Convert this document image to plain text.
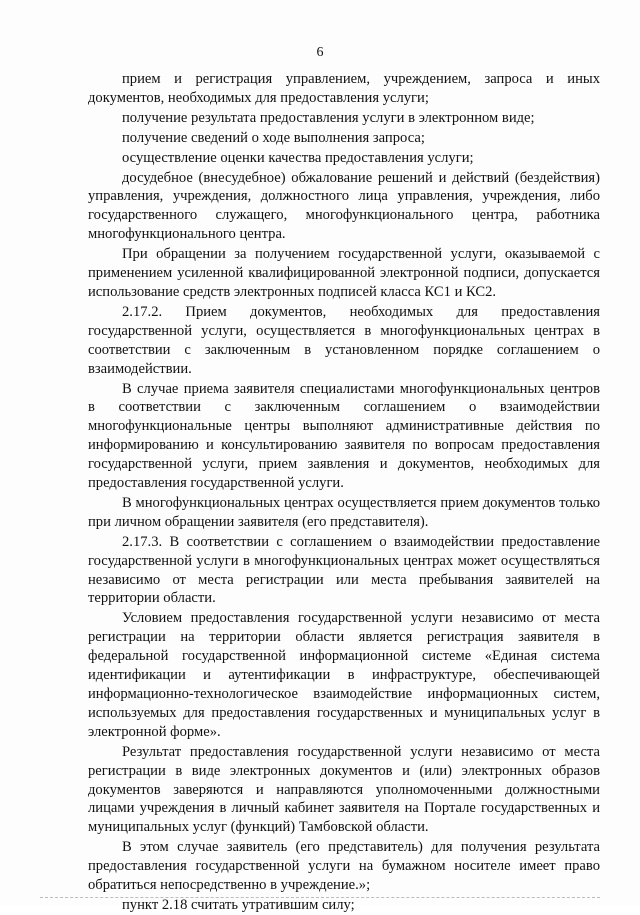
6

прием и регистрация управлением, учреждением, запроса и иных документов, необходимых для предоставления услуги;

получение результата предоставления услуги в электронном виде;

получение сведений о ходе выполнения запроса;

осуществление оценки качества предоставления услуги;

досудебное (внесудебное) обжалование решений и действий (бездействия) управления, учреждения, должностного лица управления, учреждения, либо государственного служащего, многофункционального центра, работника многофункционального центра.

При обращении за получением государственной услуги, оказываемой с применением усиленной квалифицированной электронной подписи, допускается использование средств электронных подписей класса КС1 и КС2.

2.17.2. Прием документов, необходимых для предоставления государственной услуги, осуществляется в многофункциональных центрах в соответствии с заключенным в установленном порядке соглашением о взаимодействии.

В случае приема заявителя специалистами многофункциональных центров в соответствии с заключенным соглашением о взаимодействии многофункциональные центры выполняют административные действия по информированию и консультированию заявителя по вопросам предоставления государственной услуги, прием заявления и документов, необходимых для предоставления государственной услуги.

В многофункциональных центрах осуществляется прием документов только при личном обращении заявителя (его представителя).

2.17.3. В соответствии с соглашением о взаимодействии предоставление государственной услуги в многофункциональных центрах может осуществляться независимо от места регистрации или места пребывания заявителей на территории области.

Условием предоставления государственной услуги независимо от места регистрации на территории области является регистрация заявителя в федеральной государственной информационной системе «Единая система идентификации и аутентификации в инфраструктуре, обеспечивающей информационно-технологическое взаимодействие информационных систем, используемых для предоставления государственных и муниципальных услуг в электронной форме».

Результат предоставления государственной услуги независимо от места регистрации в виде электронных документов и (или) электронных образов документов заверяются и направляются уполномоченными должностными лицами учреждения в личный кабинет заявителя на Портале государственных и муниципальных услуг (функций) Тамбовской области.

В этом случае заявитель (его представитель) для получения результата предоставления государственной услуги на бумажном носителе имеет право обратиться непосредственно в учреждение.»;

пункт 2.18 считать утратившим силу;
